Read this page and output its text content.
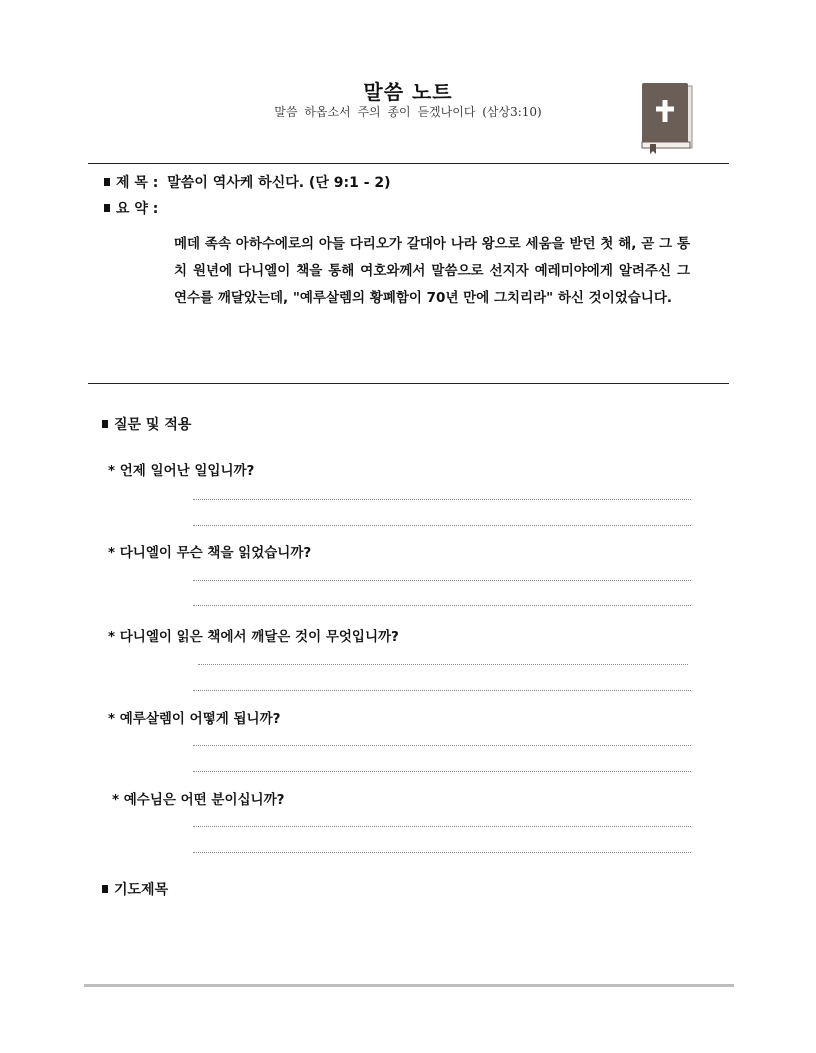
말씀 노트
말씀 하옵소서 주의 종이 듣겠나이다 (삼상3:10)
제 목 : 말씀이 역사케 하신다. (단 9:1 - 2)
요 약 :
메데 족속 아하수에로의 아들 다리오가 갈대아 나라 왕으로 세움을 받던 첫 해, 곧 그 통치 원년에 다니엘이 책을 통해 여호와께서 말씀으로 선지자 예레미야에게 알려주신 그 연수를 깨달았는데, "예루살렘의 황폐함이 70년 만에 그치리라" 하신 것이었습니다.
질문 및 적용
* 언제 일어난 일입니까?
* 다니엘이 무슨 책을 읽었습니까?
* 다니엘이 읽은 책에서 깨달은 것이 무엇입니까?
* 예루살렘이 어떻게 됩니까?
* 예수님은 어떤 분이십니까?
기도제목
